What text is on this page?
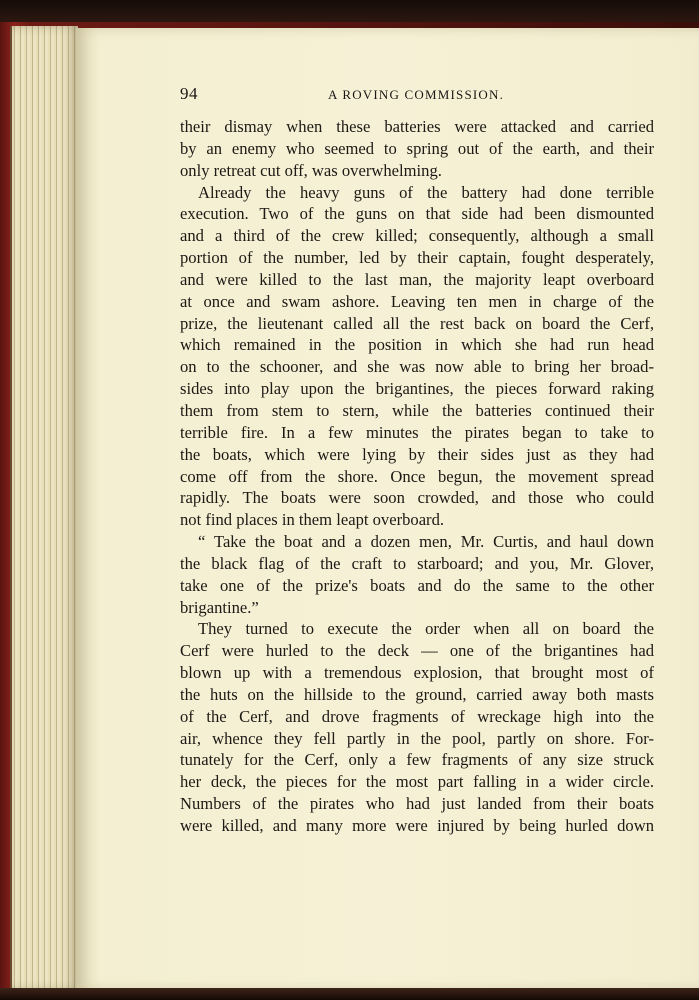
94	A ROVING COMMISSION.
their dismay when these batteries were attacked and carried
by an enemy who seemed to spring out of the earth, and their
only retreat cut off, was overwhelming.
Already the heavy guns of the battery had done terrible
execution. Two of the guns on that side had been dismounted
and a third of the crew killed; consequently, although a small
portion of the number, led by their captain, fought desperately,
and were killed to the last man, the majority leapt overboard
at once and swam ashore. Leaving ten men in charge of the
prize, the lieutenant called all the rest back on board the Cerf,
which remained in the position in which she had run head
on to the schooner, and she was now able to bring her broad-
sides into play upon the brigantines, the pieces forward raking
them from stem to stern, while the batteries continued their
terrible fire. In a few minutes the pirates began to take to
the boats, which were lying by their sides just as they had
come off from the shore. Once begun, the movement spread
rapidly. The boats were soon crowded, and those who could
not find places in them leapt overboard.
“ Take the boat and a dozen men, Mr. Curtis, and haul down
the black flag of the craft to starboard; and you, Mr. Glover,
take one of the prize's boats and do the same to the other
brigantine.”
They turned to execute the order when all on board the
Cerf were hurled to the deck — one of the brigantines had
blown up with a tremendous explosion, that brought most of
the huts on the hillside to the ground, carried away both masts
of the Cerf, and drove fragments of wreckage high into the
air, whence they fell partly in the pool, partly on shore. For-
tunately for the Cerf, only a few fragments of any size struck
her deck, the pieces for the most part falling in a wider circle.
Numbers of the pirates who had just landed from their boats
were killed, and many more were injured by being hurled down
